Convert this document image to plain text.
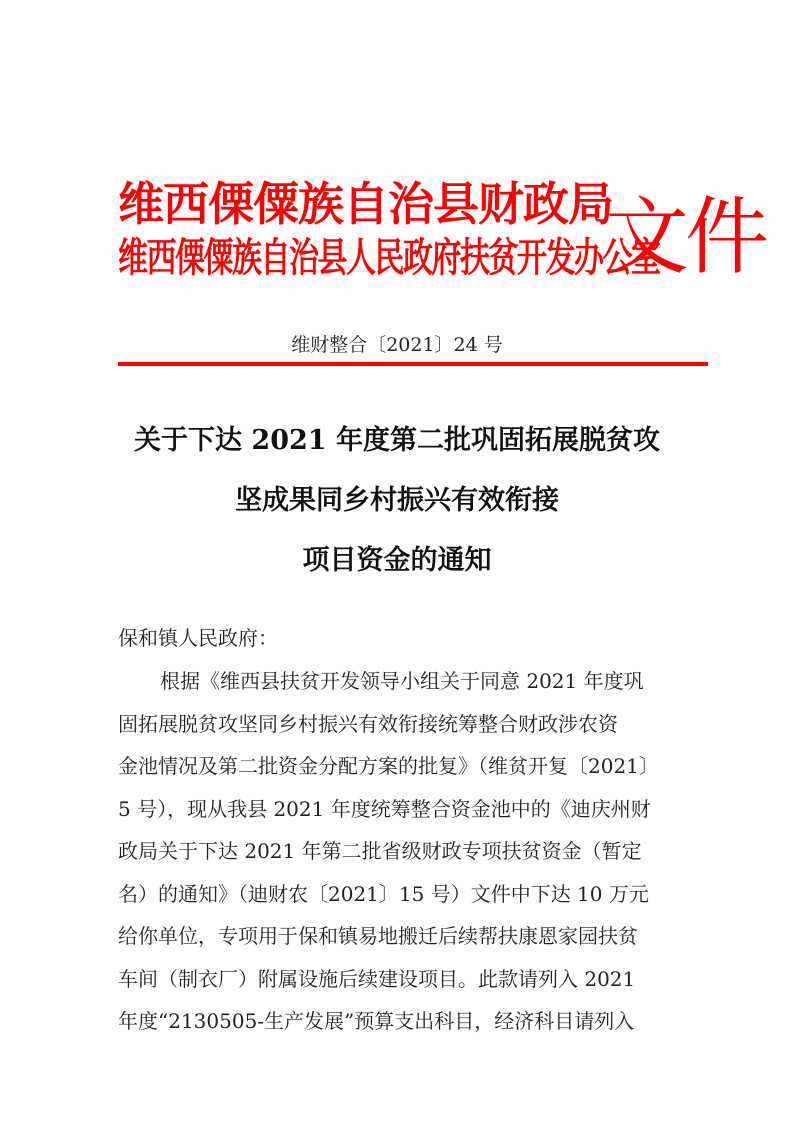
维西傈僳族自治县财政局
维西傈僳族自治县人民政府扶贫开发办公室
文件
维财整合〔2021〕24 号
关于下达 2021 年度第二批巩固拓展脱贫攻
坚成果同乡村振兴有效衔接
项目资金的通知
保和镇人民政府：
根据《维西县扶贫开发领导小组关于同意 2021 年度巩
固拓展脱贫攻坚同乡村振兴有效衔接统筹整合财政涉农资
金池情况及第二批资金分配方案的批复》（维贫开复〔2021〕
5 号），现从我县 2021 年度统筹整合资金池中的《迪庆州财
政局关于下达 2021 年第二批省级财政专项扶贫资金（暂定
名）的通知》（迪财农〔2021〕15 号）文件中下达 10 万元
给你单位，专项用于保和镇易地搬迁后续帮扶康恩家园扶贫
车间（制衣厂）附属设施后续建设项目。此款请列入 2021
年度“2130505-生产发展”预算支出科目，经济科目请列入
